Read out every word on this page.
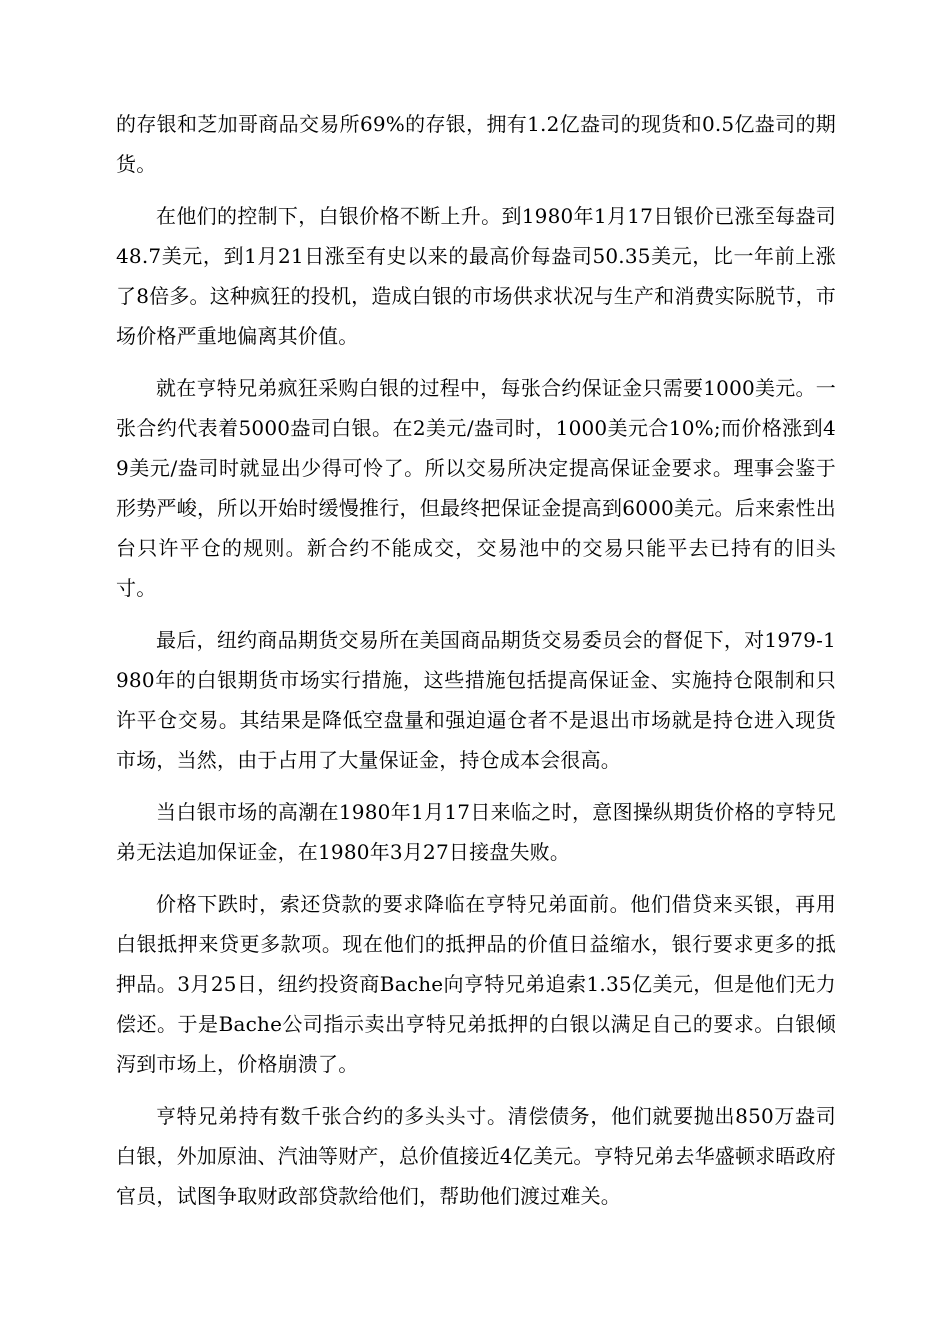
的存银和芝加哥商品交易所69%的存银，拥有1.2亿盎司的现货和0.5亿盎司的期货。

在他们的控制下，白银价格不断上升。到1980年1月17日银价已涨至每盎司48.7美元，到1月21日涨至有史以来的最高价每盎司50.35美元，比一年前上涨了8倍多。这种疯狂的投机，造成白银的市场供求状况与生产和消费实际脱节，市场价格严重地偏离其价值。

就在亨特兄弟疯狂采购白银的过程中，每张合约保证金只需要1000美元。一张合约代表着5000盎司白银。在2美元/盎司时，1000美元合10%;而价格涨到49美元/盎司时就显出少得可怜了。所以交易所决定提高保证金要求。理事会鉴于形势严峻，所以开始时缓慢推行，但最终把保证金提高到6000美元。后来索性出台只许平仓的规则。新合约不能成交，交易池中的交易只能平去已持有的旧头寸。

最后，纽约商品期货交易所在美国商品期货交易委员会的督促下，对1979-1980年的白银期货市场实行措施，这些措施包括提高保证金、实施持仓限制和只许平仓交易。其结果是降低空盘量和强迫逼仓者不是退出市场就是持仓进入现货市场，当然，由于占用了大量保证金，持仓成本会很高。

当白银市场的高潮在1980年1月17日来临之时，意图操纵期货价格的亨特兄弟无法追加保证金，在1980年3月27日接盘失败。

价格下跌时，索还贷款的要求降临在亨特兄弟面前。他们借贷来买银，再用白银抵押来贷更多款项。现在他们的抵押品的价值日益缩水，银行要求更多的抵押品。3月25日，纽约投资商Bache向亨特兄弟追索1.35亿美元，但是他们无力偿还。于是Bache公司指示卖出亨特兄弟抵押的白银以满足自己的要求。白银倾泻到市场上，价格崩溃了。

亨特兄弟持有数千张合约的多头头寸。清偿债务，他们就要抛出850万盎司白银，外加原油、汽油等财产，总价值接近4亿美元。亨特兄弟去华盛顿求晤政府官员，试图争取财政部贷款给他们，帮助他们渡过难关。
